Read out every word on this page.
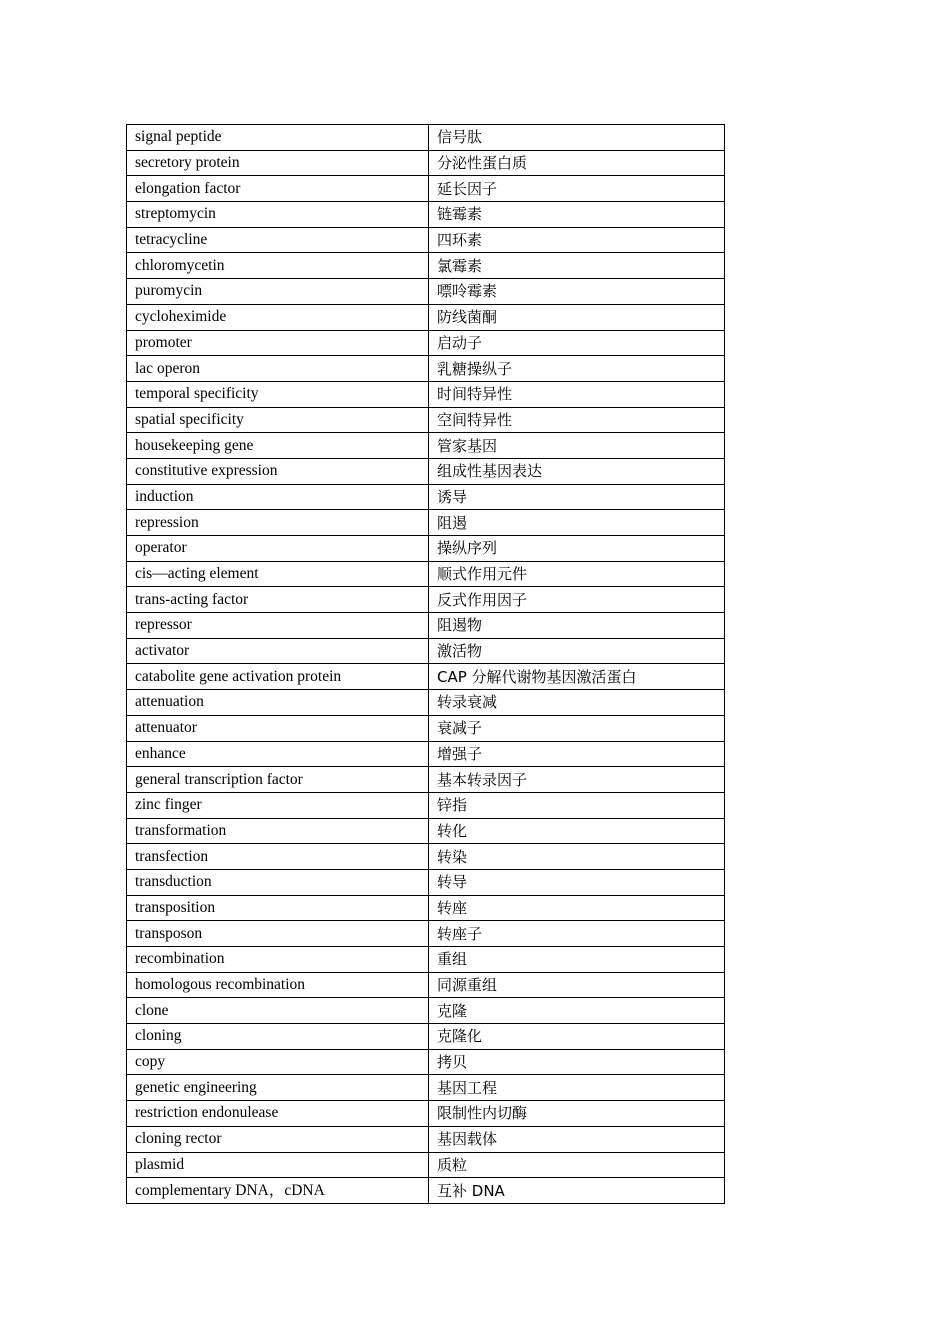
signal peptide	信号肽
secretory protein	分泌性蛋白质
elongation factor	延长因子
streptomycin	链霉素
tetracycline	四环素
chloromycetin	氯霉素
puromycin	嘌呤霉素
cycloheximide	防线菌酮
promoter	启动子
lac operon	乳糖操纵子
temporal specificity	时间特异性
spatial specificity	空间特异性
housekeeping gene	管家基因
constitutive expression	组成性基因表达
induction	诱导
repression	阻遏
operator	操纵序列
cis—acting element	顺式作用元件
trans-acting factor	反式作用因子
repressor	阻遏物
activator	激活物
catabolite gene activation protein	CAP 分解代谢物基因激活蛋白
attenuation	转录衰减
attenuator	衰减子
enhance	增强子
general transcription factor	基本转录因子
zinc finger	锌指
transformation	转化
transfection	转染
transduction	转导
transposition	转座
transposon	转座子
recombination	重组
homologous recombination	同源重组
clone	克隆
cloning	克隆化
copy	拷贝
genetic engineering	基因工程
restriction endonulease	限制性内切酶
cloning rector	基因载体
plasmid	质粒
complementary DNA，cDNA	互补 DNA
